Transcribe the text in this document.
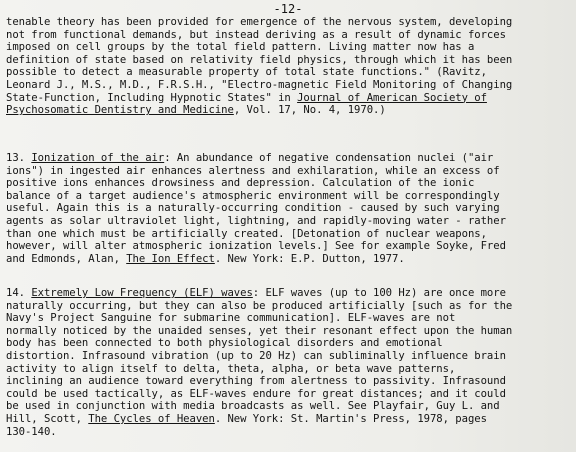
-12-
tenable theory has been provided for emergence of the nervous system, developing
not from functional demands, but instead deriving as a result of dynamic forces
imposed on cell groups by the total field pattern. Living matter now has a
definition of state based on relativity field physics, through which it has been
possible to detect a measurable property of total state functions." (Ravitz,
Leonard J., M.S., M.D., F.R.S.H., "Electro-magnetic Field Monitoring of Changing
State-Function, Including Hypnotic States" in Journal of American Society of
Psychosomatic Dentistry and Medicine, Vol. 17, No. 4, 1970.)
13. Ionization of the air: An abundance of negative condensation nuclei ("air
ions") in ingested air enhances alertness and exhilaration, while an excess of
positive ions enhances drowsiness and depression. Calculation of the ionic
balance of a target audience's atmospheric environment will be correspondingly
useful. Again this is a naturally-occurring condition - caused by such varying
agents as solar ultraviolet light, lightning, and rapidly-moving water - rather
than one which must be artificially created. [Detonation of nuclear weapons,
however, will alter atmospheric ionization levels.] See for example Soyke, Fred
and Edmonds, Alan, The Ion Effect. New York: E.P. Dutton, 1977.
14. Extremely Low Frequency (ELF) waves: ELF waves (up to 100 Hz) are once more
naturally occurring, but they can also be produced artificially [such as for the
Navy's Project Sanguine for submarine communication]. ELF-waves are not
normally noticed by the unaided senses, yet their resonant effect upon the human
body has been connected to both physiological disorders and emotional
distortion. Infrasound vibration (up to 20 Hz) can subliminally influence brain
activity to align itself to delta, theta, alpha, or beta wave patterns,
inclining an audience toward everything from alertness to passivity. Infrasound
could be used tactically, as ELF-waves endure for great distances; and it could
be used in conjunction with media broadcasts as well. See Playfair, Guy L. and
Hill, Scott, The Cycles of Heaven. New York: St. Martin's Press, 1978, pages
130-140.
